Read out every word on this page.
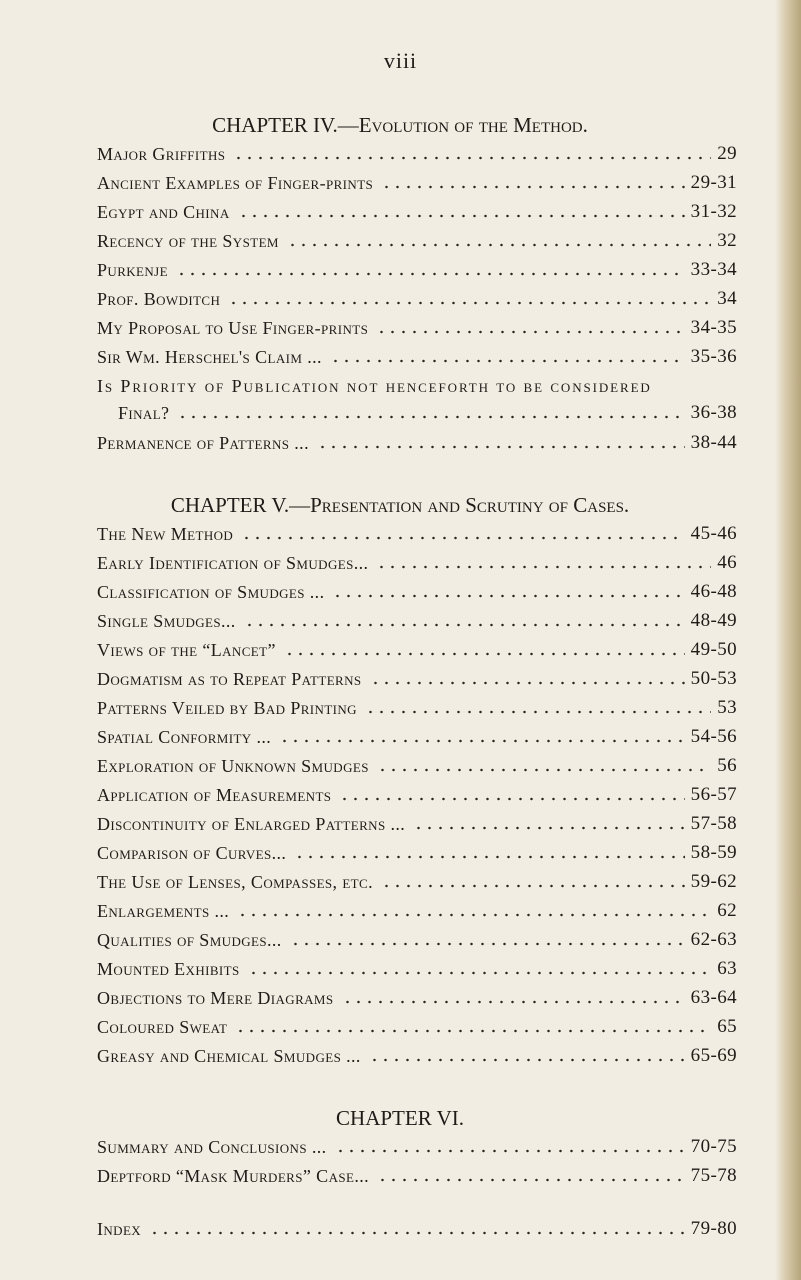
viii
CHAPTER IV.—Evolution of the Method.
Major Griffiths	29
Ancient Examples of Finger-prints	29-31
Egypt and China	31-32
Recency of the System	32
Purkenje	33-34
Prof. Bowditch	34
My Proposal to Use Finger-prints	34-35
Sir Wm. Herschel's Claim ...	35-36
Is Priority of Publication not henceforth to be considered
Final?	36-38
Permanence of Patterns ...	38-44
CHAPTER V.—Presentation and Scrutiny of Cases.
The New Method	45-46
Early Identification of Smudges...	46
Classification of Smudges ...	46-48
Single Smudges...	48-49
Views of the “Lancet”	49-50
Dogmatism as to Repeat Patterns	50-53
Patterns Veiled by Bad Printing	53
Spatial Conformity ...	54-56
Exploration of Unknown Smudges	56
Application of Measurements	56-57
Discontinuity of Enlarged Patterns ...	57-58
Comparison of Curves...	58-59
The Use of Lenses, Compasses, etc.	59-62
Enlargements ...	62
Qualities of Smudges...	62-63
Mounted Exhibits	63
Objections to Mere Diagrams	63-64
Coloured Sweat	65
Greasy and Chemical Smudges ...	65-69
CHAPTER VI.
Summary and Conclusions ...	70-75
Deptford “Mask Murders” Case...	75-78
Index	79-80
